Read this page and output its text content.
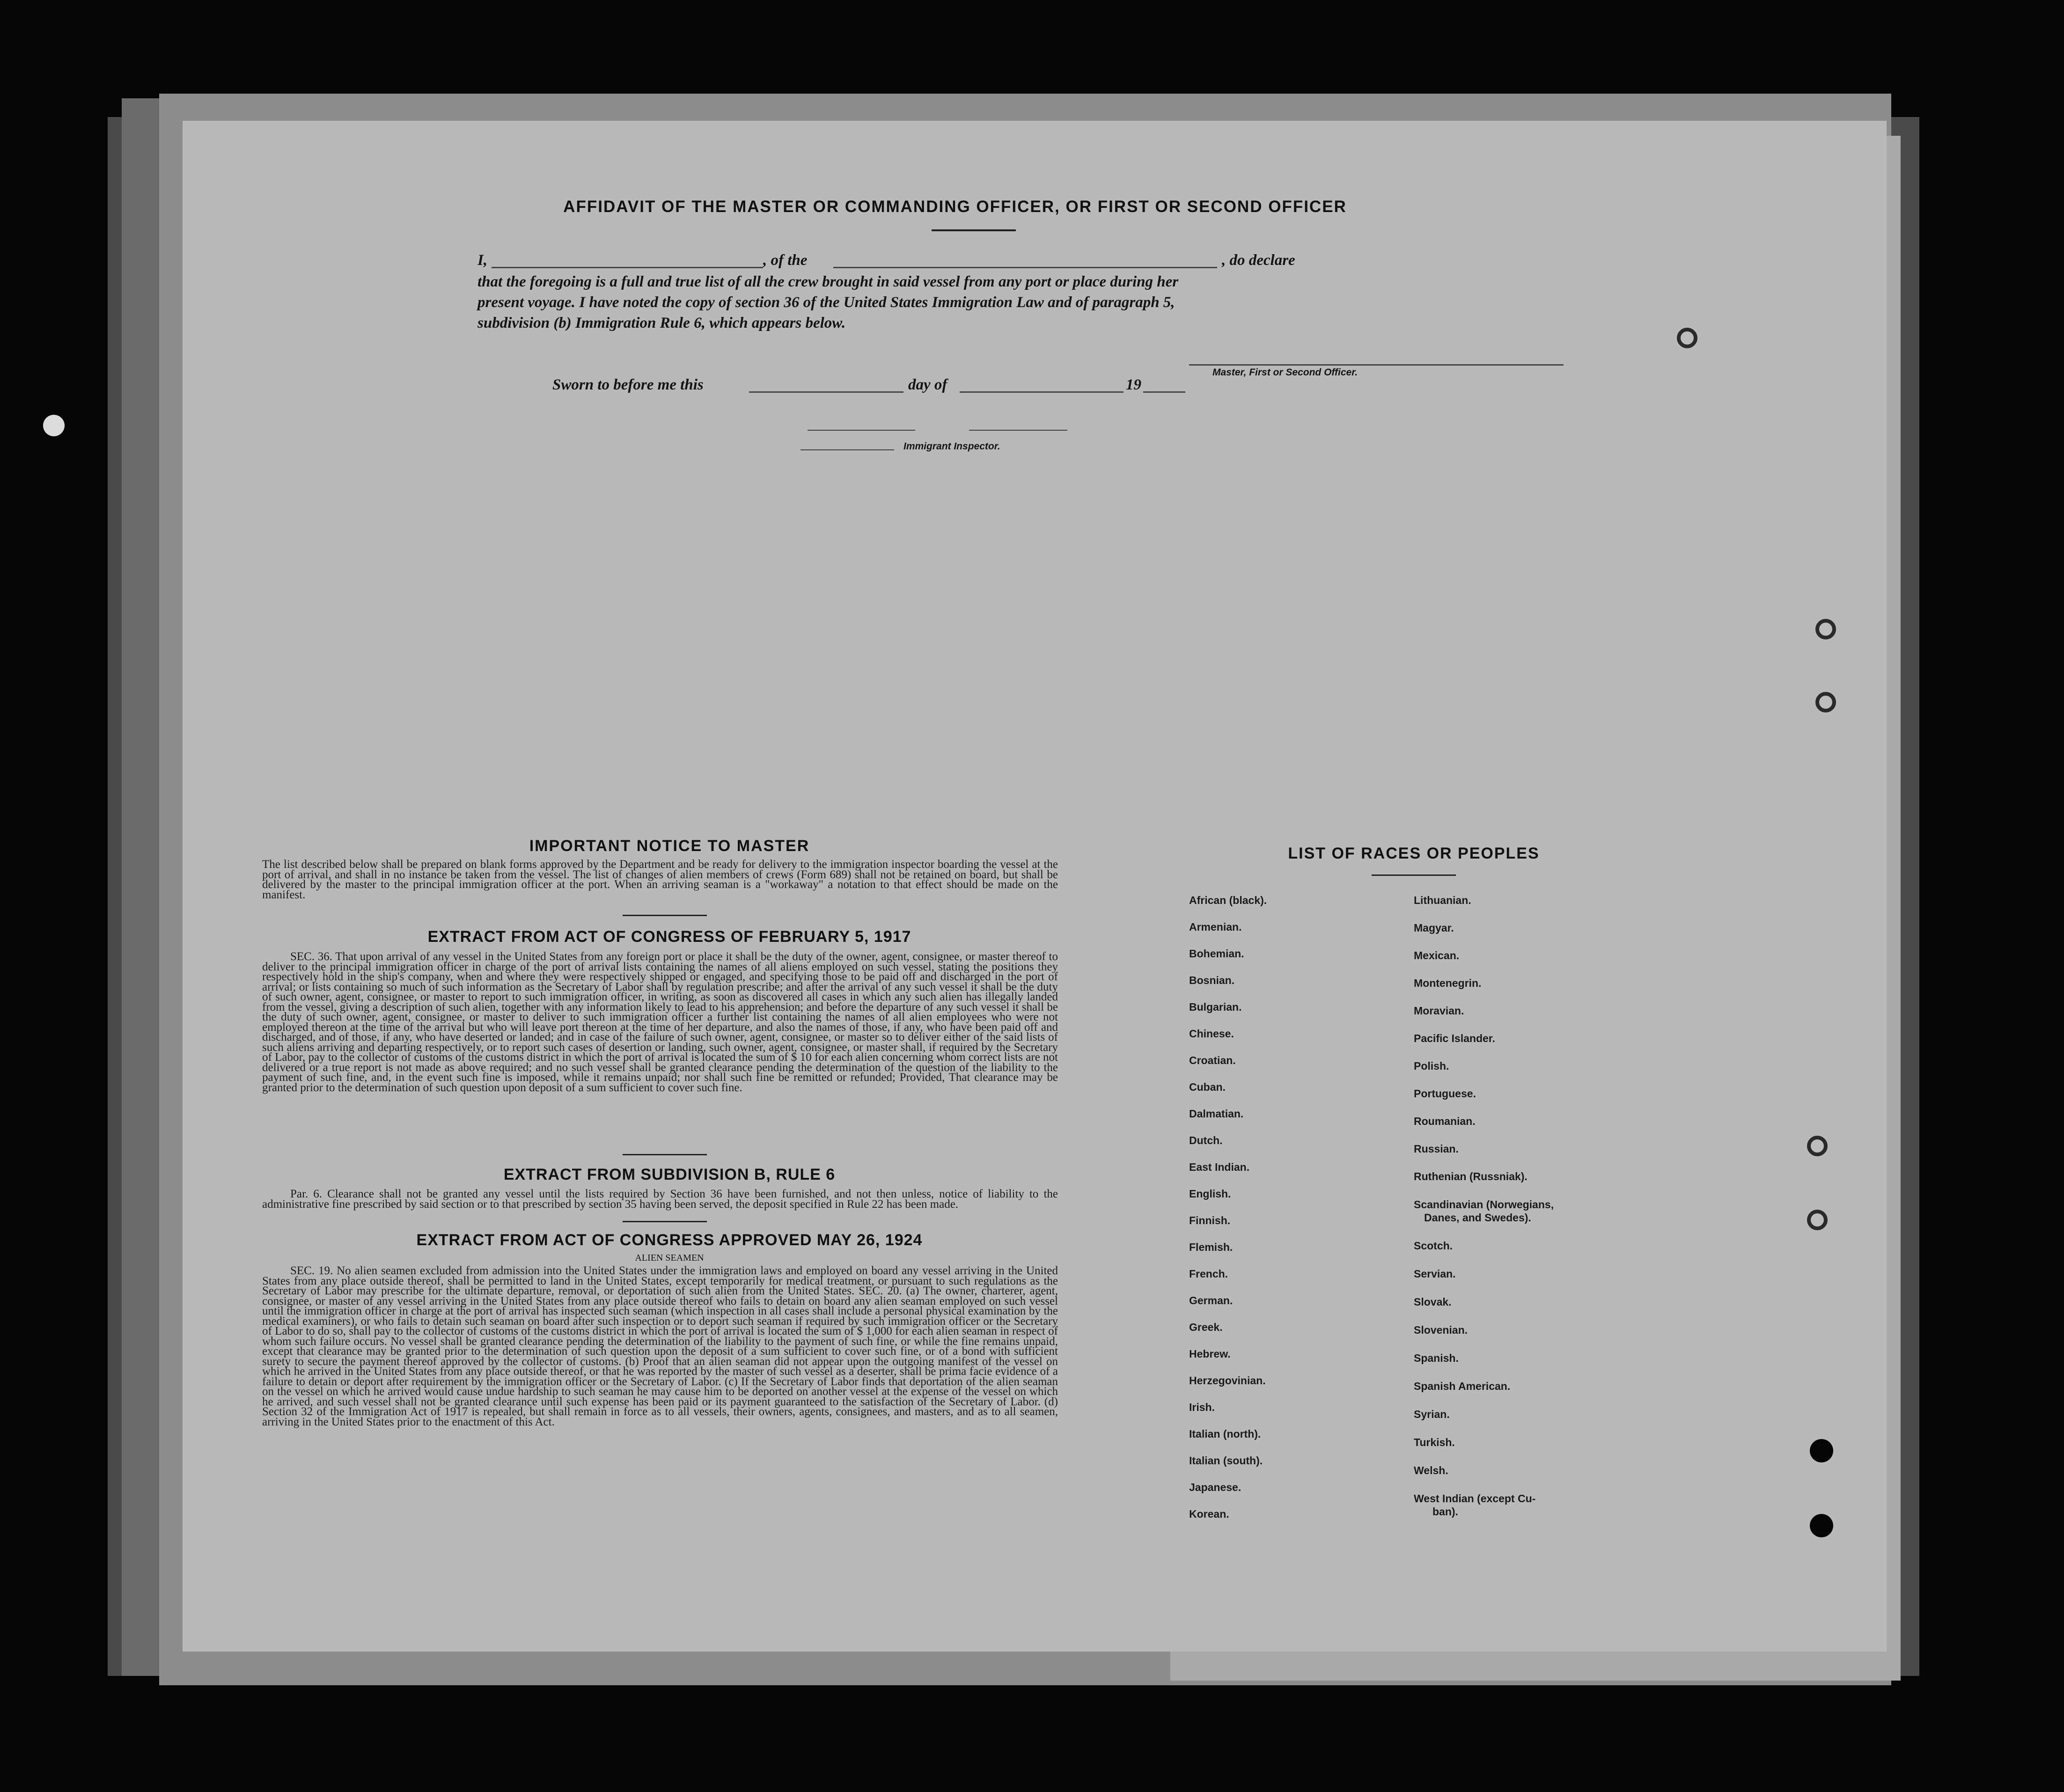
AFFIDAVIT OF THE MASTER OR COMMANDING OFFICER, OR FIRST OR SECOND OFFICER
I,	, of the	, do declare
that the foregoing is a full and true list of all the crew brought in said vessel from any port or place during her
present voyage. I have noted the copy of section 36 of the United States Immigration Law and of paragraph 5,
subdivision (b) Immigration Rule 6, which appears below.
Master, First or Second Officer.
Sworn to before me this	day of	19
Immigrant Inspector.
IMPORTANT NOTICE TO MASTER
The list described below shall be prepared on blank forms approved by the Department and be ready for delivery to the immigration inspector boarding the vessel at the port of arrival, and shall in no instance be taken from the vessel. The list of changes of alien members of crews (Form 689) shall not be retained on board, but shall be delivered by the master to the principal immigration officer at the port. When an arriving seaman is a "workaway" a notation to that effect should be made on the manifest.
EXTRACT FROM ACT OF CONGRESS OF FEBRUARY 5, 1917
SEC. 36. That upon arrival of any vessel in the United States from any foreign port or place it shall be the duty of the owner, agent, consignee, or master thereof to deliver to the principal immigration officer in charge of the port of arrival lists containing the names of all aliens employed on such vessel, stating the positions they respectively hold in the ship's company, when and where they were respectively shipped or engaged, and specifying those to be paid off and discharged in the port of arrival; or lists containing so much of such information as the Secretary of Labor shall by regulation prescribe; and after the arrival of any such vessel it shall be the duty of such owner, agent, consignee, or master to report to such immigration officer, in writing, as soon as discovered all cases in which any such alien has illegally landed from the vessel, giving a description of such alien, together with any information likely to lead to his apprehension; and before the departure of any such vessel it shall be the duty of such owner, agent, consignee, or master to deliver to such immigration officer a further list containing the names of all alien employees who were not employed thereon at the time of the arrival but who will leave port thereon at the time of her departure, and also the names of those, if any, who have been paid off and discharged, and of those, if any, who have deserted or landed; and in case of the failure of such owner, agent, consignee, or master so to deliver either of the said lists of such aliens arriving and departing respectively, or to report such cases of desertion or landing, such owner, agent, consignee, or master shall, if required by the Secretary of Labor, pay to the collector of customs of the customs district in which the port of arrival is located the sum of $ 10 for each alien concerning whom correct lists are not delivered or a true report is not made as above required; and no such vessel shall be granted clearance pending the determination of the question of the liability to the payment of such fine, and, in the event such fine is imposed, while it remains unpaid; nor shall such fine be remitted or refunded; Provided, That clearance may be granted prior to the determination of such question upon deposit of a sum sufficient to cover such fine.
EXTRACT FROM SUBDIVISION B, RULE 6
Par. 6. Clearance shall not be granted any vessel until the lists required by Section 36 have been furnished, and not then unless, notice of liability to the administrative fine prescribed by said section or to that prescribed by section 35 having been served, the deposit specified in Rule 22 has been made.
EXTRACT FROM ACT OF CONGRESS APPROVED MAY 26, 1924
ALIEN SEAMEN
SEC. 19. No alien seamen excluded from admission into the United States under the immigration laws and employed on board any vessel arriving in the United States from any place outside thereof, shall be permitted to land in the United States, except temporarily for medical treatment, or pursuant to such regulations as the Secretary of Labor may prescribe for the ultimate departure, removal, or deportation of such alien from the United States. SEC. 20. (a) The owner, charterer, agent, consignee, or master of any vessel arriving in the United States from any place outside thereof who fails to detain on board any alien seaman employed on such vessel until the immigration officer in charge at the port of arrival has inspected such seaman (which inspection in all cases shall include a personal physical examination by the medical examiners), or who fails to detain such seaman on board after such inspection or to deport such seaman if required by such immigration officer or the Secretary of Labor to do so, shall pay to the collector of customs of the customs district in which the port of arrival is located the sum of $ 1,000 for each alien seaman in respect of whom such failure occurs. No vessel shall be granted clearance pending the determination of the liability to the payment of such fine, or while the fine remains unpaid, except that clearance may be granted prior to the determination of such question upon the deposit of a sum sufficient to cover such fine, or of a bond with sufficient surety to secure the payment thereof approved by the collector of customs. (b) Proof that an alien seaman did not appear upon the outgoing manifest of the vessel on which he arrived in the United States from any place outside thereof, or that he was reported by the master of such vessel as a deserter, shall be prima facie evidence of a failure to detain or deport after requirement by the immigration officer or the Secretary of Labor. (c) If the Secretary of Labor finds that deportation of the alien seaman on the vessel on which he arrived would cause undue hardship to such seaman he may cause him to be deported on another vessel at the expense of the vessel on which he arrived, and such vessel shall not be granted clearance until such expense has been paid or its payment guaranteed to the satisfaction of the Secretary of Labor. (d) Section 32 of the Immigration Act of 1917 is repealed, but shall remain in force as to all vessels, their owners, agents, consignees, and masters, and as to all seamen, arriving in the United States prior to the enactment of this Act.
LIST OF RACES OR PEOPLES
African (black).
Armenian.
Bohemian.
Bosnian.
Bulgarian.
Chinese.
Croatian.
Cuban.
Dalmatian.
Dutch.
East Indian.
English.
Finnish.
Flemish.
French.
German.
Greek.
Hebrew.
Herzegovinian.
Irish.
Italian (north).
Italian (south).
Japanese.
Korean.
Lithuanian.
Magyar.
Mexican.
Montenegrin.
Moravian.
Pacific Islander.
Polish.
Portuguese.
Roumanian.
Russian.
Ruthenian (Russniak).
Scandinavian (Norwegians,
Danes, and Swedes).
Scotch.
Servian.
Slovak.
Slovenian.
Spanish.
Spanish American.
Syrian.
Turkish.
Welsh.
West Indian (except Cu-
ban).
